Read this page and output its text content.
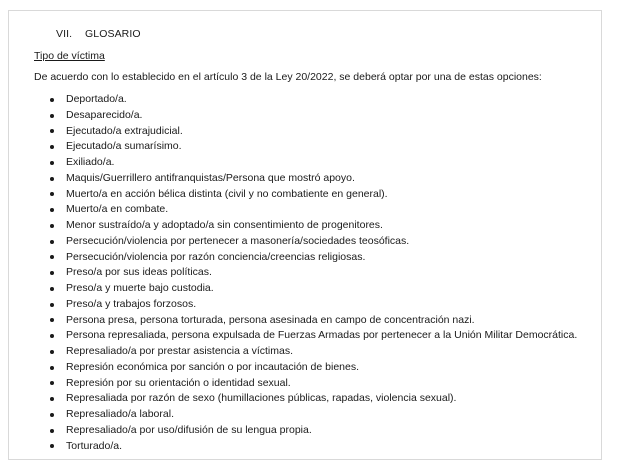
VII. GLOSARIO
Tipo de víctima
De acuerdo con lo establecido en el artículo 3 de la Ley 20/2022, se deberá optar por una de estas opciones:
Deportado/a.
Desaparecido/a.
Ejecutado/a extrajudicial.
Ejecutado/a sumarísimo.
Exiliado/a.
Maquis/Guerrillero antifranquistas/Persona que mostró apoyo.
Muerto/a en acción bélica distinta (civil y no combatiente en general).
Muerto/a en combate.
Menor sustraído/a y adoptado/a sin consentimiento de progenitores.
Persecución/violencia por pertenecer a masonería/sociedades teosóficas.
Persecución/violencia por razón conciencia/creencias religiosas.
Preso/a por sus ideas políticas.
Preso/a y muerte bajo custodia.
Preso/a y trabajos forzosos.
Persona presa, persona torturada, persona asesinada en campo de concentración nazi.
Persona represaliada, persona expulsada de Fuerzas Armadas por pertenecer a la Unión Militar Democrática.
Represaliado/a por prestar asistencia a víctimas.
Represión económica por sanción o por incautación de bienes.
Represión por su orientación o identidad sexual.
Represaliada por razón de sexo (humillaciones públicas, rapadas, violencia sexual).
Represaliado/a laboral.
Represaliado/a por uso/difusión de su lengua propia.
Torturado/a.
